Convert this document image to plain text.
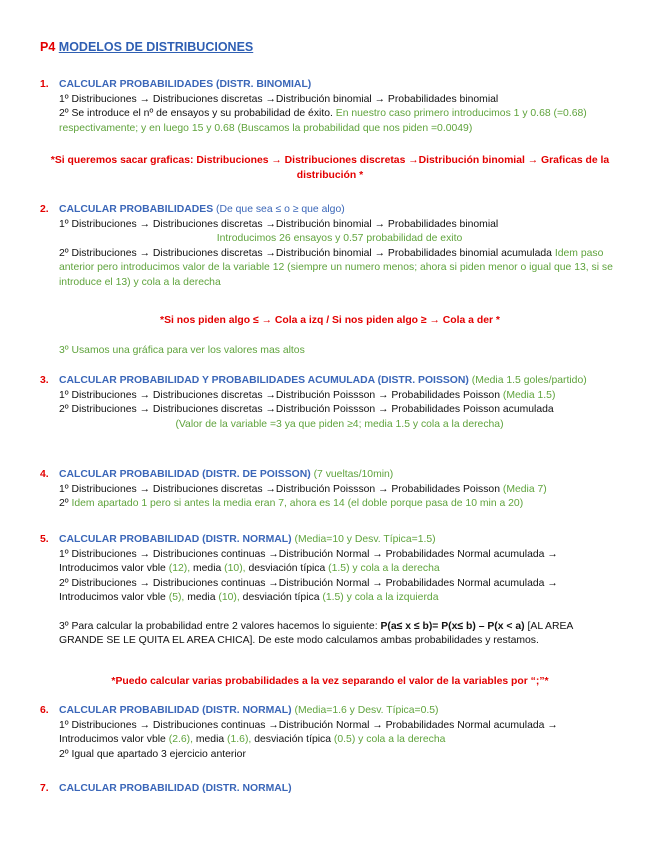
P4 MODELOS DE DISTRIBUCIONES
1. CALCULAR PROBABILIDADES (DISTR. BINOMIAL)
1º Distribuciones → Distribuciones discretas →Distribución binomial → Probabilidades binomial
2º Se introduce el nº de ensayos y su probabilidad de éxito. En nuestro caso primero introducimos 1 y 0.68 (=0.68) respectivamente; y en luego 15 y 0.68 (Buscamos la probabilidad que nos piden =0.0049)
*Si queremos sacar graficas: Distribuciones → Distribuciones discretas →Distribución binomial → Graficas de la distribución *
2. CALCULAR PROBABILIDADES (De que sea ≤ o ≥ que algo)
1º Distribuciones → Distribuciones discretas →Distribución binomial → Probabilidades binomial
Introducimos 26 ensayos y 0.57 probabilidad de exito
2º Distribuciones → Distribuciones discretas →Distribución binomial → Probabilidades binomial acumulada Idem paso anterior pero introducimos valor de la variable 12 (siempre un numero menos; ahora si piden menor o igual que 13, si se introduce el 13) y cola a la derecha
*Si nos piden algo ≤ → Cola a izq / Si nos piden algo ≥ → Cola a der *
3º Usamos una gráfica para ver los valores mas altos
3. CALCULAR PROBABILIDAD Y PROBABILIDADES ACUMULADA (DISTR. POISSON) (Media 1.5 goles/partido)
1º Distribuciones → Distribuciones discretas →Distribución Poissson → Probabilidades Poisson (Media 1.5)
2º Distribuciones → Distribuciones discretas →Distribución Poissson → Probabilidades Poisson acumulada
(Valor de la variable =3 ya que piden ≥4; media 1.5 y cola a la derecha)
4. CALCULAR PROBABILIDAD (DISTR. DE POISSON) (7 vueltas/10min)
1º Distribuciones → Distribuciones discretas →Distribución Poissson → Probabilidades Poisson (Media 7)
2º Idem apartado 1 pero si antes la media eran 7, ahora es 14 (el doble porque pasa de 10 min a 20)
5. CALCULAR PROBABILIDAD (DISTR. NORMAL) (Media=10 y Desv. Típica=1.5)
1º Distribuciones → Distribuciones continuas →Distribución Normal → Probabilidades Normal acumulada → Introducimos valor vble (12), media (10), desviación típica (1.5) y cola a la derecha
2º Distribuciones → Distribuciones continuas →Distribución Normal → Probabilidades Normal acumulada → Introducimos valor vble (5), media (10), desviación típica (1.5) y cola a la izquierda
3º Para calcular la probabilidad entre 2 valores hacemos lo siguiente: P(a≤ x ≤ b)= P(x≤ b) – P(x < a) [AL AREA GRANDE SE LE QUITA EL AREA CHICA]. De este modo calculamos ambas probabilidades y restamos.
*Puedo calcular varias probabilidades a la vez separando el valor de la variables por “;”*
6. CALCULAR PROBABILIDAD (DISTR. NORMAL) (Media=1.6 y Desv. Típica=0.5)
1º Distribuciones → Distribuciones continuas →Distribución Normal → Probabilidades Normal acumulada → Introducimos valor vble (2.6), media (1.6), desviación típica (0.5) y cola a la derecha
2º Igual que apartado 3 ejercicio anterior
7. CALCULAR PROBABILIDAD (DISTR. NORMAL)
